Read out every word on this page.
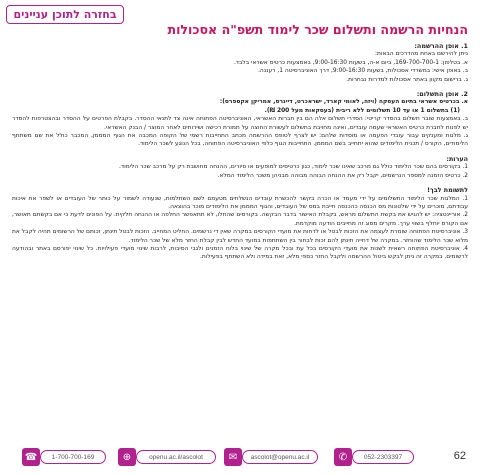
בחזרה לתוכן עניינים
הנחיות הרשמה ותשלום שכר לימוד תשפ"ה אסכולות
1. אופן ההרשמה:
ניתן להירשם באחת מהדרכים הבאות:
א. בטלפון: 169-700-700-1, ביום א-ה, בשעות 9:00-16:30, באמצעות כרטיס אשראי בלבד.
ב. באופן אישי: במשרדי אסכולות, בשעות 9:00-16:30, דרך האוניברסיטה 1, רעננה.
ג. ברישום מקוון באתר אסכולות למדרות נבחרות.
2. אופן התשלום:
א. בכרטיס אשראי בתיום העסקה (ויזה, לאומי קארד, ישראכרט, דיינרס, אמריקן אקספרס):
(1) בתשלום 1 או עד 10 תשלומים ללא ריבית (בעסקאות מעל 200 ₪).
ב. באמצעות שובר תשלום בהסדר קריטי: הסדרי תשלום אלה הם בין חברות האשראי, האוניברסיטה הפתוחה אינה צד לתנאי ההסדר. בקבלת הפרטים על ההסדר ובהצטרפות להסדר יש לפנות לחברת כרטיס האשראי שעמה עובדים, ואינה מחויבת בתשלום לעשורת החוצה על תמורת רכישה ושירותים לאחר המוצר / הבנק האשראי.
ג. מלגות ומענקים עבור עובדי הפעמה או מוסדות שלהם: יש לצרף לטופס ההרשמה מכתב התחייבות רשמי של הקופה המכבה את הגוף המממן, המכבר כולל את שם משתתף הלימודים, הקורס / תכנית הלימודים שהוא יתחייב בשם המממן. התחייבות הגוף כלפי האוניברסיטה הפתוחה, בכל הנוגע לשכר הלימוד.
הערות:
1. בקורסים בהם שכר הלימוד כולל גם מרכב שאינו שכר לימוד, כגון כרטיסים למופעים או סיורים, ההנחה מחושבת רק על מרכב שכר הלימוד.
2. כרטיס הזמנה למספר הנרשמים, יקבל רק את ההנחה הבוהה מבוהה מבניהן משכר הלימוד המלא.
לתשומת לבך!
1. המלגות שכר הלימוד התשלומים על ידי מעמד או הכרה בקשר להכשרת עובדים הנשלחים מטעמם לשם השתלמות, שנעודה לשמור על כותר של העובדים או לשפר את איכות עבודתם, מוכרים על ידי שלטונות מס הכנסה כהכנסה חייבת במס של העובדים, והגוף המממן את הלימודים מוכר בהוצאה.
2. אוריינטציה: יש להגיש את בקשת התשלום מראש, בקבלת האישור בדבר הבקשה. בקורסים שהחלו, לא תתאפשר החלפה או ההנחה חלקית. על הפונים לדעת כי אם בקשתם תאושר, אם הקורס יוחלף בשווי ערך. מקרים מסוג זה מחייבים הודעה מוקדמת.
3. אוניברסיטת הפתוחה שומרת לעצמה את הזכות לבטל או לדחות את מועדי הקורסים במקרה שאין די נרשמים. החליט המחייב. הזכות לבטל תינתן, זכותם של הרשומים תהיה לקבל את מלוא שכר הלימוד שהוחזר. במקרה של דחייה תינתן להם זכות לבחור בין השתתפות במועד החדש לבין קבלת החזר מלא של שכר הלימוד.
4. אוניברסיטת הפתוחה רשאית לשנות את מועדי הקורסים בכל עת ובכל מקרה של שינוי בלוח הזמנים ולגבי הסיבות, לרבות שינוי מועדי פעילויות. כל שינוי יפורסם באתר ובהודעה לרשומים. במקרה זה ניתן לבקש ביטול ההרשמה ולקבל החזר כספי מלא, זאת במידה ולא השתתף בפעילות.
62
✆	052-2303397
✉	ascolot@openu.ac.il
⊕	openu.ac.il/ascolot
☎	1-700-700-169
